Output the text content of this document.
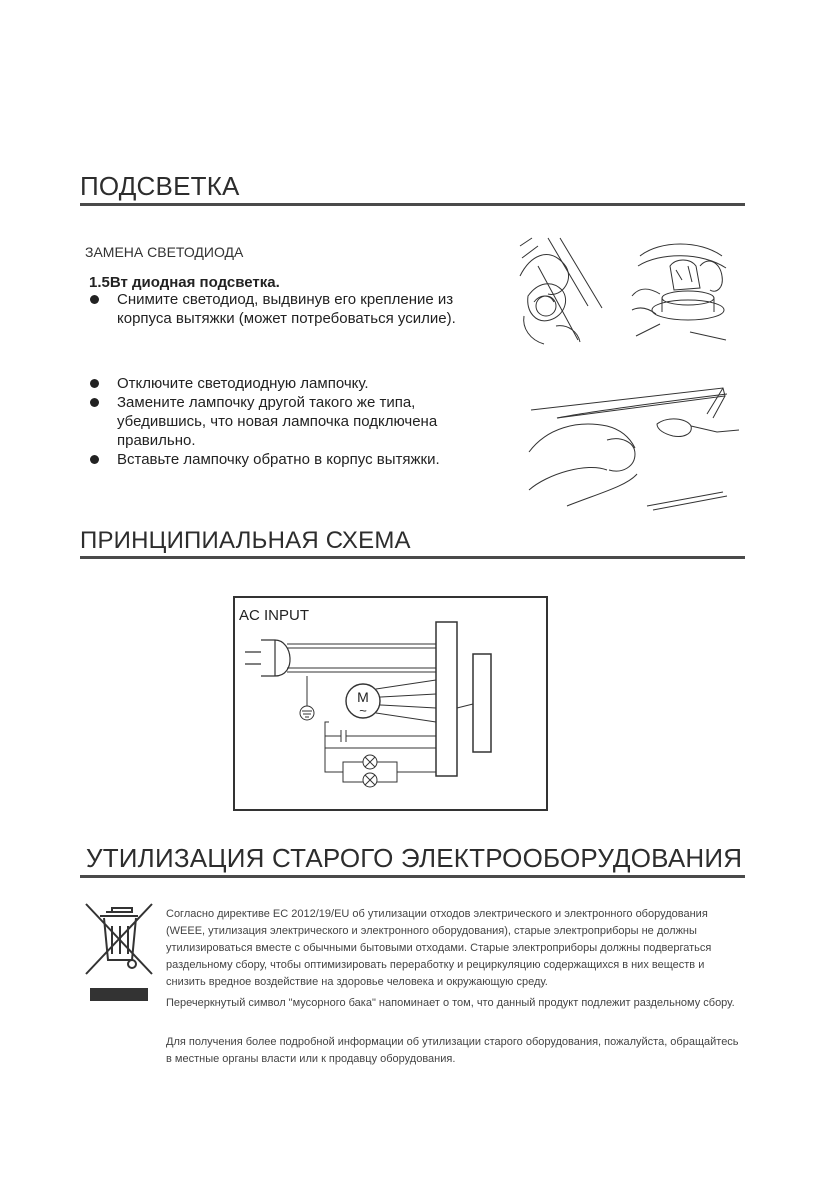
ПОДСВЕТКА
ЗАМЕНА СВЕТОДИОДА
1.5Вт диодная подсветка.
Снимите светодиод, выдвинув его крепление из корпуса вытяжки (может потребоваться усилие).
Отключите светодиодную лампочку.
Замените лампочку другой такого же типа, убедившись, что новая лампочка подключена правильно.
Вставьте лампочку обратно в корпус вытяжки.
ПРИНЦИПИАЛЬНАЯ СХЕМА
AC INPUT
M
~
УТИЛИЗАЦИЯ СТАРОГО ЭЛЕКТРООБОРУДОВАНИЯ
Согласно директиве ЕС 2012/19/EU об утилизации отходов электрического и электронного оборудования (WEEE, утилизация электрического и электронного оборудования), старые электроприборы не должны утилизироваться вместе с обычными бытовыми отходами. Старые электроприборы должны подвергаться раздельному сбору, чтобы оптимизировать переработку и рециркуляцию содержащихся в них веществ и снизить вредное воздействие на здоровье человека и окружающую среду.
Перечеркнутый символ "мусорного бака" напоминает о том, что данный продукт подлежит раздельному сбору.
Для получения более подробной информации об утилизации старого оборудования, пожалуйста, обращайтесь в местные органы власти или к продавцу оборудования.
